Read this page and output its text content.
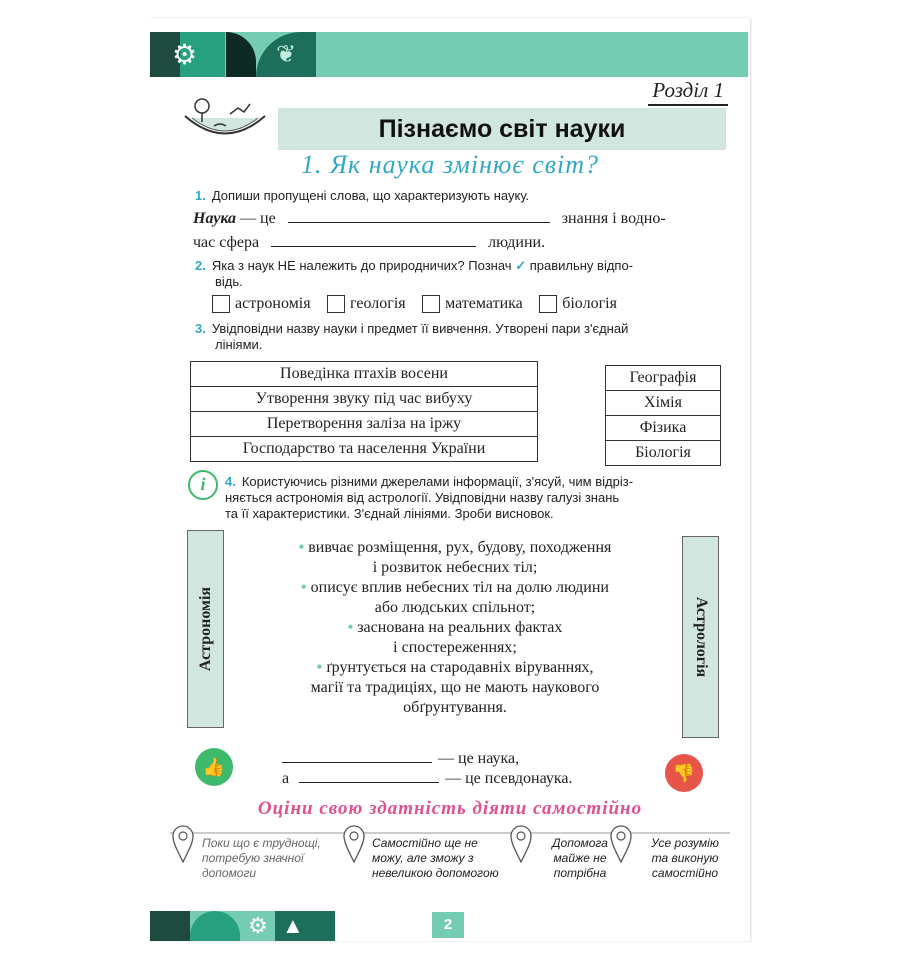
⚙	❦
Розділ 1
Пізнаємо світ науки
1. Як наука змінює світ?
1. Допиши пропущені слова, що характеризують науку.
Наука — це	знання і водно-
час сфера	людини.
2. Яка з наук НЕ належить до природничих? Познач ✓ правильну відпо-
відь.
астрономія геологія математика біологія
3. Увідповідни назву науки і предмет її вивчення. Утворені пари з'єднай
лініями.
Поведінка птахів восени
Утворення звуку під час вибуху
Перетворення заліза на іржу
Господарство та населення України
Географія
Хімія
Фізика
Біологія
i	4. Користуючись різними джерелами інформації, з'ясуй, чим відріз-
няється астрономія від астрології. Увідповідни назву галузі знань
та її характеристики. З'єднай лініями. Зроби висновок.
Астрономія	Астрологія
• вивчає розміщення, рух, будову, походження
і розвиток небесних тіл;
• описує вплив небесних тіл на долю людини
або людських спільнот;
• заснована на реальних фактах
і спостереженнях;
• ґрунтується на стародавніх віруваннях,
магії та традиціях, що не мають наукового
обґрунтування.
👍	👎
— це наука,
а	— це псевдонаука.
Оціни свою здатність діяти самостійно
Поки що є труднощі,
потребую значної
допомоги
Самостійно ще не
можу, але зможу з
невеликою допомогою
Допомога
майже не
потрібна
Усе розумію
та виконую
самостійно
⚙ ▲	2
